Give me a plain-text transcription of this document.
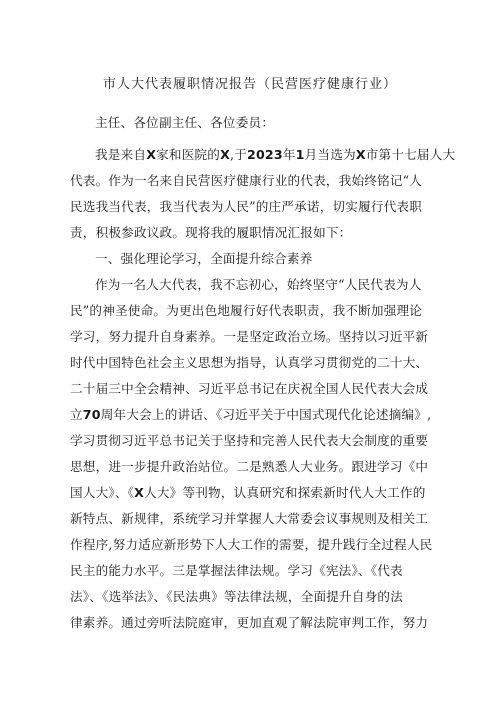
市人大代表履职情况报告（民营医疗健康行业）
主任、各位副主任、各位委员：
我是来自X家和医院的X,于2023年1月当选为X市第十七届人大
代表。作为一名来自民营医疗健康行业的代表，我始终铭记“人
民选我当代表，我当代表为人民”的庄严承诺，切实履行代表职
责，积极参政议政。现将我的履职情况汇报如下：
一、强化理论学习，全面提升综合素养
作为一名人大代表，我不忘初心，始终坚守“人民代表为人
民”的神圣使命。为更出色地履行好代表职责，我不断加强理论
学习，努力提升自身素养。一是坚定政治立场。坚持以习近平新
时代中国特色社会主义思想为指导，认真学习贯彻党的二十大、
二十届三中全会精神、习近平总书记在庆祝全国人民代表大会成
立70周年大会上的讲话、《习近平关于中国式现代化论述摘编》,
学习贯彻习近平总书记关于坚持和完善人民代表大会制度的重要
思想，进一步提升政治站位。二是熟悉人大业务。跟进学习《中
国人大》、《X人大》等刊物，认真研究和探索新时代人大工作的
新特点、新规律，系统学习并掌握人大常委会议事规则及相关工
作程序,努力适应新形势下人大工作的需要，提升践行全过程人民
民主的能力水平。三是掌握法律法规。学习《宪法》、《代表
法》、《选举法》、《民法典》等法律法规，全面提升自身的法
律素养。通过旁听法院庭审，更加直观了解法院审判工作，努力
